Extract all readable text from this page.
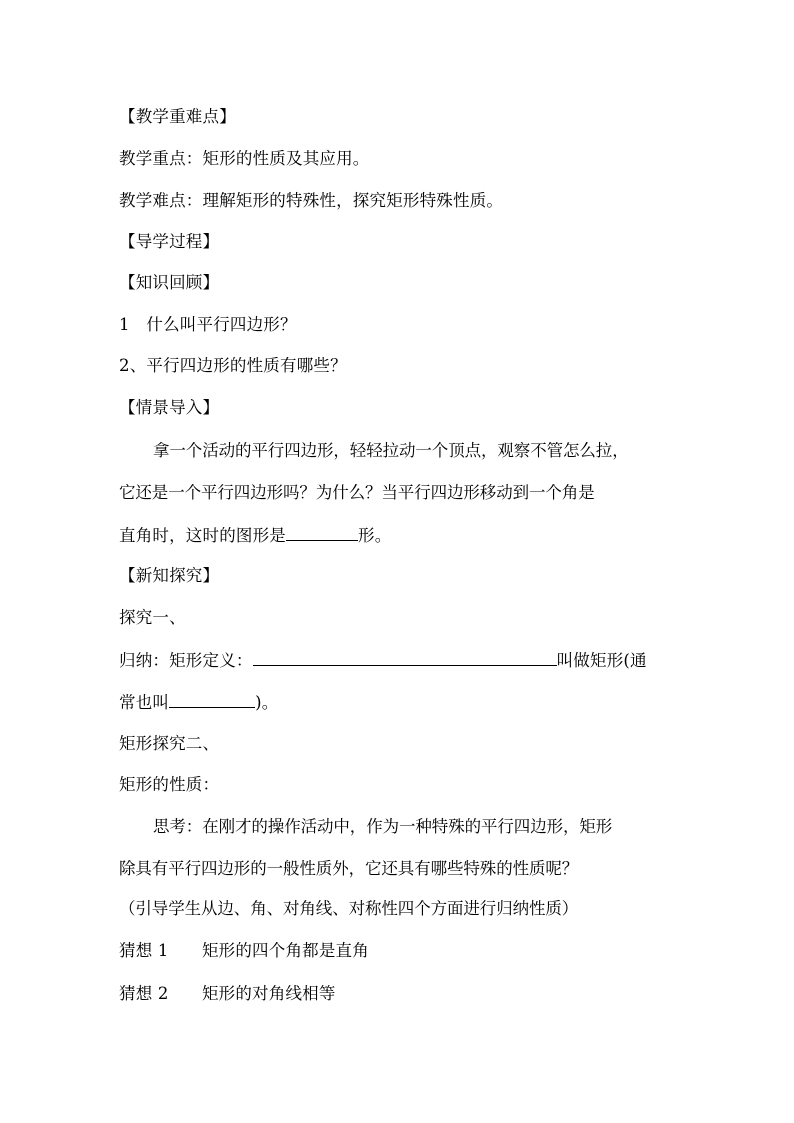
【教学重难点】
教学重点：矩形的性质及其应用。
教学难点：理解矩形的特殊性，探究矩形特殊性质。
【导学过程】
【知识回顾】
1　什么叫平行四边形？
2、平行四边形的性质有哪些？
【情景导入】
拿一个活动的平行四边形，轻轻拉动一个顶点，观察不管怎么拉，
它还是一个平行四边形吗？为什么？当平行四边形移动到一个角是
直角时，这时的图形是	形。
【新知探究】
探究一、
归纳：矩形定义：	叫做矩形(通
常也叫	)。
矩形探究二、
矩形的性质：
思考：在刚才的操作活动中，作为一种特殊的平行四边形，矩形
除具有平行四边形的一般性质外，它还具有哪些特殊的性质呢？
（引导学生从边、角、对角线、对称性四个方面进行归纳性质）
猜想 1　　矩形的四个角都是直角
猜想 2　　矩形的对角线相等
